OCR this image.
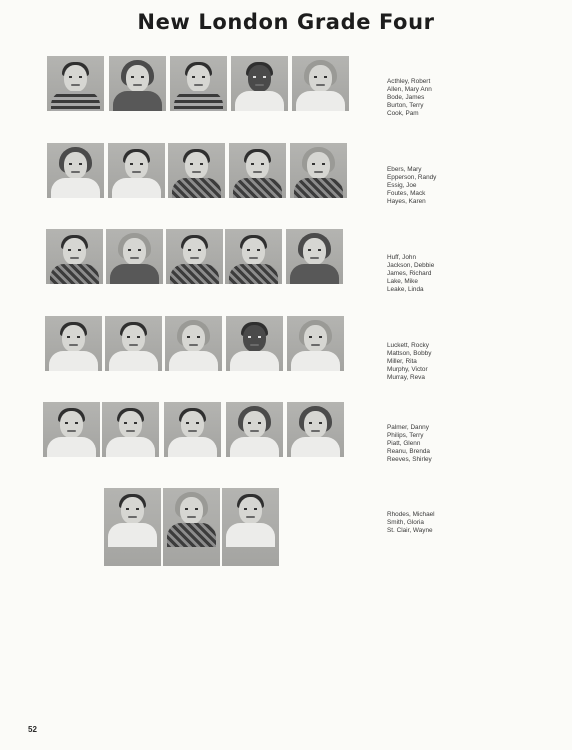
New London Grade Four
Acthley, Robert
Allen, Mary Ann
Bode, James
Burton, Terry
Cook, Pam
Ebers, Mary
Epperson, Randy
Essig, Joe
Foutes, Mack
Hayes, Karen
Huff, John
Jackson, Debbie
James, Richard
Lake, Mike
Leake, Linda
Luckett, Rocky
Mattson, Bobby
Miller, Rita
Murphy, Victor
Murray, Reva
Palmer, Danny
Philips, Terry
Piatt, Glenn
Reanu, Brenda
Reeves, Shirley
Rhodes, Michael
Smith, Gloria
St. Clair, Wayne
52
